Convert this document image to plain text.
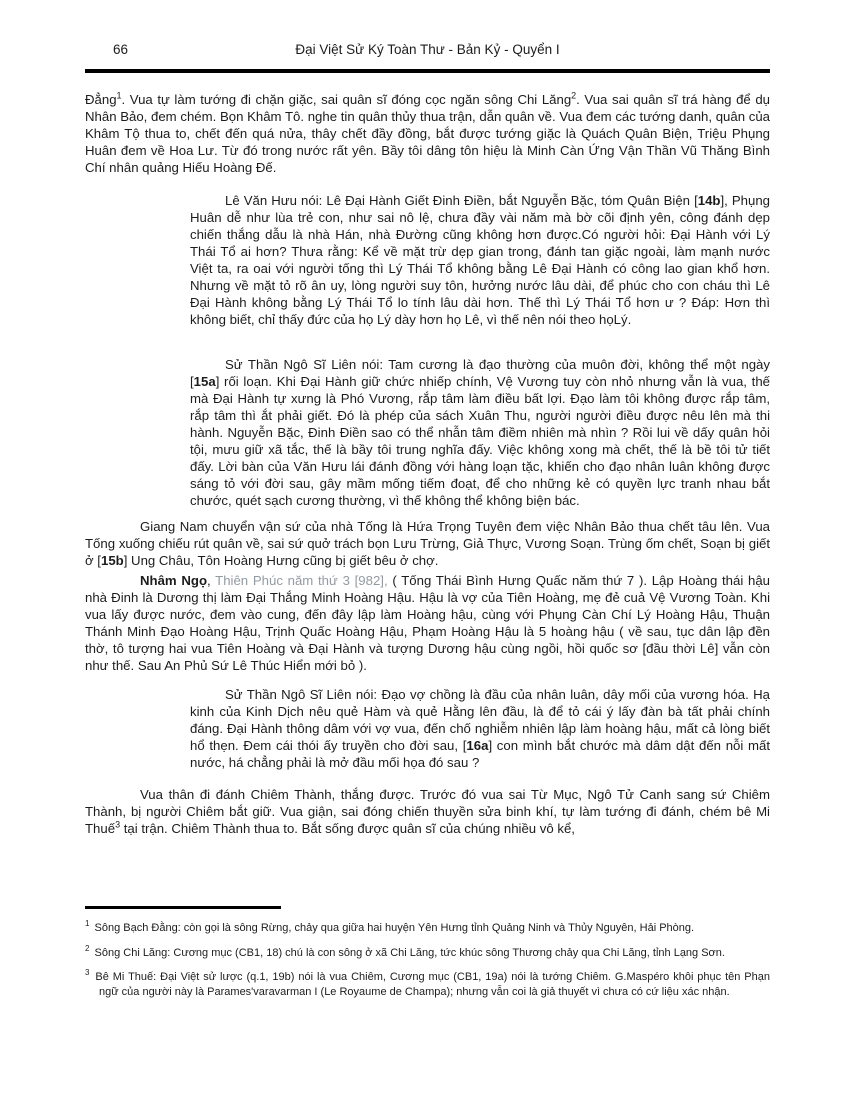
66	Đại Việt Sử Ký Toàn Thư - Bản Kỷ - Quyển I

Đẳng$^1$. Vua tự làm tướng đi chặn giặc, sai quân sĩ đóng cọc ngăn sông Chi Lăng$^2$. Vua sai quân sĩ trá hàng để dụ Nhân Bảo, đem chém. Bọn Khâm Tô. nghe tin quân thủy thua trận, dẫn quân về. Vua đem các tướng danh, quân của Khâm Tộ thua to, chết đến quá nửa, thây chết đầy đồng, bắt được tướng giặc là Quách Quân Biện, Triệu Phụng Huân đem về Hoa Lư. Từ đó trong nước rất yên. Bầy tôi dâng tôn hiệu là Minh Càn Ứng Vận Thần Vũ Thăng Bình Chí nhân quảng Hiếu Hoàng Đế.

Lê Văn Hưu nói: Lê Đại Hành Giết Đinh Điền, bắt Nguyễn Bặc, tóm Quân Biện [14b], Phụng Huân dễ như lùa trẻ con, như sai nô lệ, chưa đầy vài năm mà bờ cõi định yên, công đánh dẹp chiến thắng dẫu là nhà Hán, nhà Đường cũng không hơn được.Có người hỏi: Đại Hành với Lý Thái Tổ ai hơn? Thưa rằng: Kể về mặt trừ dẹp gian trong, đánh tan giặc ngoài, làm mạnh nước Việt ta, ra oai với người tống thì Lý Thái Tổ không bằng Lê Đại Hành có công lao gian khổ hơn. Nhưng về mặt tỏ rõ ân uy, lòng người suy tôn, hưởng nước lâu dài, để phúc cho con cháu thì Lê Đại Hành không bằng Lý Thái Tổ lo tính lâu dài hơn. Thế thì Lý Thái Tổ hơn ư ? Đáp: Hơn thì không biết, chỉ thấy đức của họ Lý dày hơn họ Lê, vì thế nên nói theo họLý.

Sử Thần Ngô Sĩ Liên nói: Tam cương là đạo thường của muôn đời, không thể một ngày [15a] rối loạn. Khi Đại Hành giữ chức nhiếp chính, Vệ Vương tuy còn nhỏ nhưng vẫn là vua, thế mà Đại Hành tự xưng là Phó Vương, rắp tâm làm điều bất lợi. Đạo làm tôi không được rắp tâm, rắp tâm thì ắt phải giết. Đó là phép của sách Xuân Thu, người người điều được nêu lên mà thi hành. Nguyễn Bặc, Đinh Điền sao có thể nhẫn tâm điềm nhiên mà nhìn ? Rồi lui về dấy quân hỏi tội, mưu giữ xã tắc, thế là bầy tôi trung nghĩa đấy. Việc không xong mà chết, thế là bề tôi tử tiết đấy. Lời bàn của Văn Hưu lái đánh đồng với hàng loạn tặc, khiến cho đạo nhân luân không được sáng tỏ với đời sau, gây mầm mống tiếm đoạt, để cho những kẻ có quyền lực tranh nhau bắt chước, quét sạch cương thường, vì thế không thể không biện bác.

Giang Nam chuyển vận sứ của nhà Tống là Hứa Trọng Tuyên đem việc Nhân Bảo thua chết tâu lên. Vua Tống xuống chiếu rút quân về, sai sứ quở trách bọn Lưu Trừng, Giả Thực, Vương Soạn. Trùng ốm chết, Soạn bị giết ở [15b] Ung Châu, Tôn Hoàng Hưng cũng bị giết bêu ở chợ.

Nhâm Ngọ, Thiên Phúc năm thứ 3 [982], ( Tống Thái Bình Hưng Quấc năm thứ 7 ). Lập Hoàng thái hậu nhà Đinh là Dương thị làm Đại Thắng Minh Hoàng Hậu. Hậu là vợ của Tiên Hoàng, mẹ đẻ cuả Vệ Vương Toàn. Khi vua lấy được nước, đem vào cung, đến đây lập làm Hoàng hậu, cùng với Phụng Càn Chí Lý Hoàng Hậu, Thuận Thánh Minh Đạo Hoàng Hậu, Trịnh Quấc Hoàng Hậu, Phạm Hoàng Hậu là 5 hoàng hậu ( về sau, tục dân lập đền thờ, tô tượng hai vua Tiên Hoàng và Đại Hành và tượng Dương hậu cùng ngồi, hồi quốc sơ [đầu thời Lê] vẫn còn như thế. Sau An Phủ Sứ Lê Thúc Hiển mới bỏ ).

Sử Thần Ngô Sĩ Liên nói: Đạo vợ chồng là đầu của nhân luân, dây mối của vương hóa. Hạ kinh của Kinh Dịch nêu quẻ Hàm và quẻ Hằng lên đầu, là để tỏ cái ý lấy đàn bà tất phải chính đáng. Đại Hành thông dâm với vợ vua, đến chố nghiễm nhiên lập làm hoàng hậu, mất cả lòng biết hổ thẹn. Đem cái thói ấy truyền cho đời sau, [16a] con mình bắt chước mà dâm dật đến nỗi mất nước, há chẳng phải là mở đầu mối họa đó sau ?

Vua thân đi đánh Chiêm Thành, thắng được. Trước đó vua sai Từ Mục, Ngô Tử Canh sang sứ Chiêm Thành, bị người Chiêm bắt giữ. Vua giận, sai đóng chiến thuyền sửa binh khí, tự làm tướng đi đánh, chém bê Mi Thuế$^3$ tại trận. Chiêm Thành thua to. Bắt sống được quân sĩ của chúng nhiều vô kể,

$^1$ Sông Bạch Đằng: còn gọi là sông Rừng, chảy qua giữa hai huyện Yên Hưng tỉnh Quảng Ninh và Thủy Nguyên, Hải Phòng.
$^2$ Sông Chi Lăng: Cương mục (CB1, 18) chú là con sông ở xã Chi Lăng, tức khúc sông Thương chảy qua Chi Lăng, tỉnh Lạng Sơn.
$^3$ Bê Mi Thuế: Đại Việt sử lược (q.1, 19b) nói là vua Chiêm, Cương mục (CB1, 19a) nói là tướng Chiêm. G.Maspéro khôi phục tên Phạn ngữ của người này là Parames'varavarman I (Le Royaume de Champa); nhưng vẫn coi là giả thuyết vì chưa có cứ liệu xác nhận.
